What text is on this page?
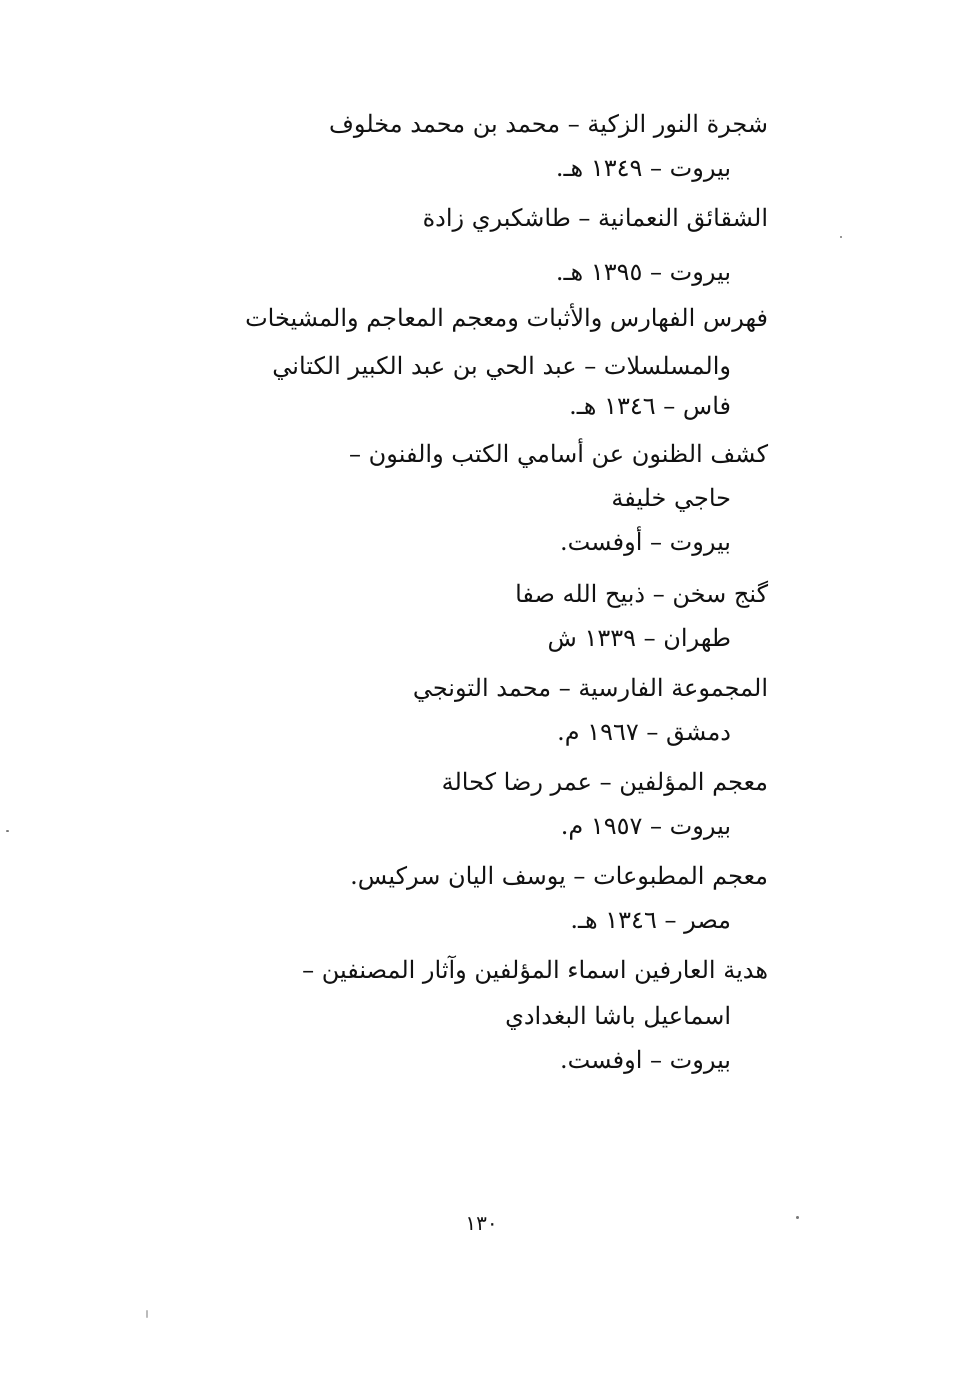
شجرة النور الزكية – محمد بن محمد مخلوف
بيروت – ١٣٤٩ هـ.
الشقائق النعمانية – طاشكبري زادة
بيروت – ١٣٩٥ هـ.
فهرس الفهارس والأثبات ومعجم المعاجم والمشيخات
والمسلسلات – عبد الحي بن عبد الكبير الكتاني
فاس – ١٣٤٦ هـ.
كشف الظنون عن أسامي الكتب والفنون –
حاجي خليفة
بيروت – أوفست.
گنج سخن – ذبيح الله صفا
طهران – ١٣٣٩ ش
المجموعة الفارسية – محمد التونجي
دمشق – ١٩٦٧ م.
معجم المؤلفين – عمر رضا كحالة
بيروت – ١٩٥٧ م.
معجم المطبوعات – يوسف اليان سركيس.
مصر – ١٣٤٦ هـ.
هدية العارفين اسماء المؤلفين وآثار المصنفين –
اسماعيل باشا البغدادي
بيروت – اوفست.
١٣٠
